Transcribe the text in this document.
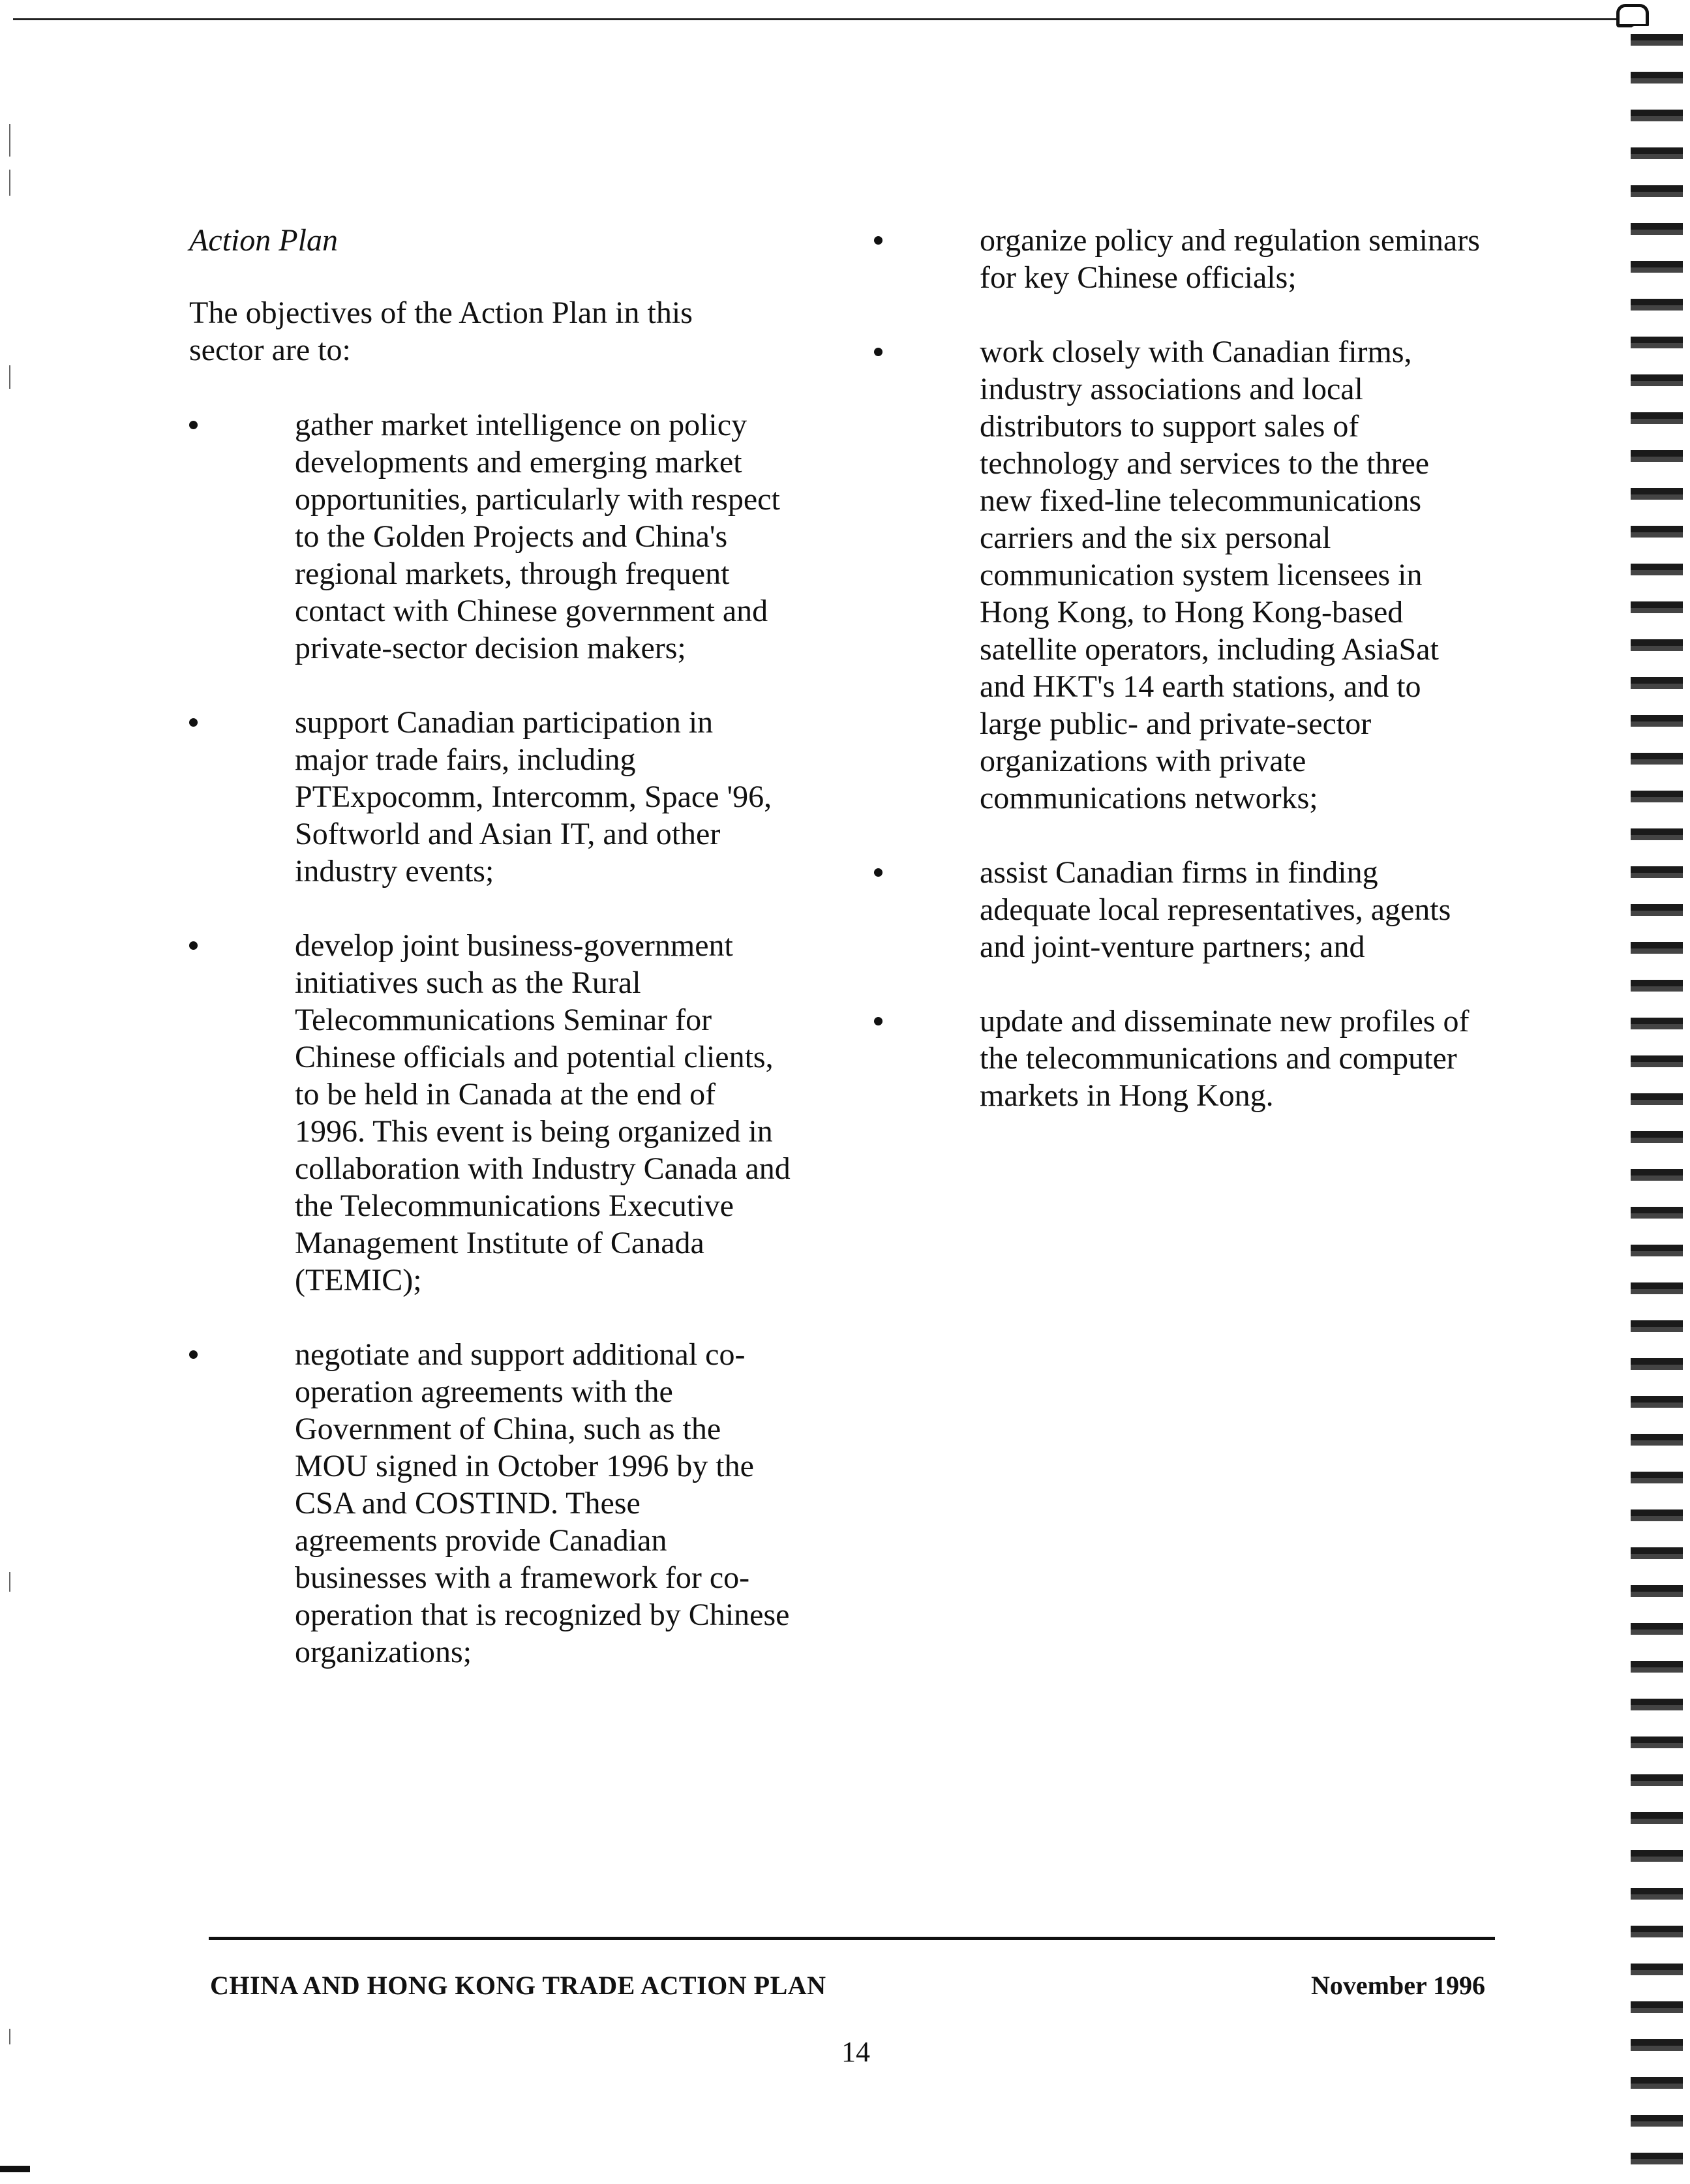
Action Plan

The objectives of the Action Plan in this sector are to:

gather market intelligence on policy developments and emerging market opportunities, particularly with respect to the Golden Projects and China's regional markets, through frequent contact with Chinese government and private-sector decision makers;
support Canadian participation in major trade fairs, including PTExpocomm, Intercomm, Space '96, Softworld and Asian IT, and other industry events;
develop joint business-government initiatives such as the Rural Telecommunications Seminar for Chinese officials and potential clients, to be held in Canada at the end of 1996. This event is being organized in collaboration with Industry Canada and the Telecommunications Executive Management Institute of Canada (TEMIC);
negotiate and support additional co-operation agreements with the Government of China, such as the MOU signed in October 1996 by the CSA and COSTIND. These agreements provide Canadian businesses with a framework for co-operation that is recognized by Chinese organizations;
organize policy and regulation seminars for key Chinese officials;
work closely with Canadian firms, industry associations and local distributors to support sales of technology and services to the three new fixed-line telecommunications carriers and the six personal communication system licensees in Hong Kong, to Hong Kong-based satellite operators, including AsiaSat and HKT's 14 earth stations, and to large public- and private-sector organizations with private communications networks;
assist Canadian firms in finding adequate local representatives, agents and joint-venture partners; and
update and disseminate new profiles of the telecommunications and computer markets in Hong Kong.
CHINA AND HONG KONG TRADE ACTION PLAN	November 1996
14
